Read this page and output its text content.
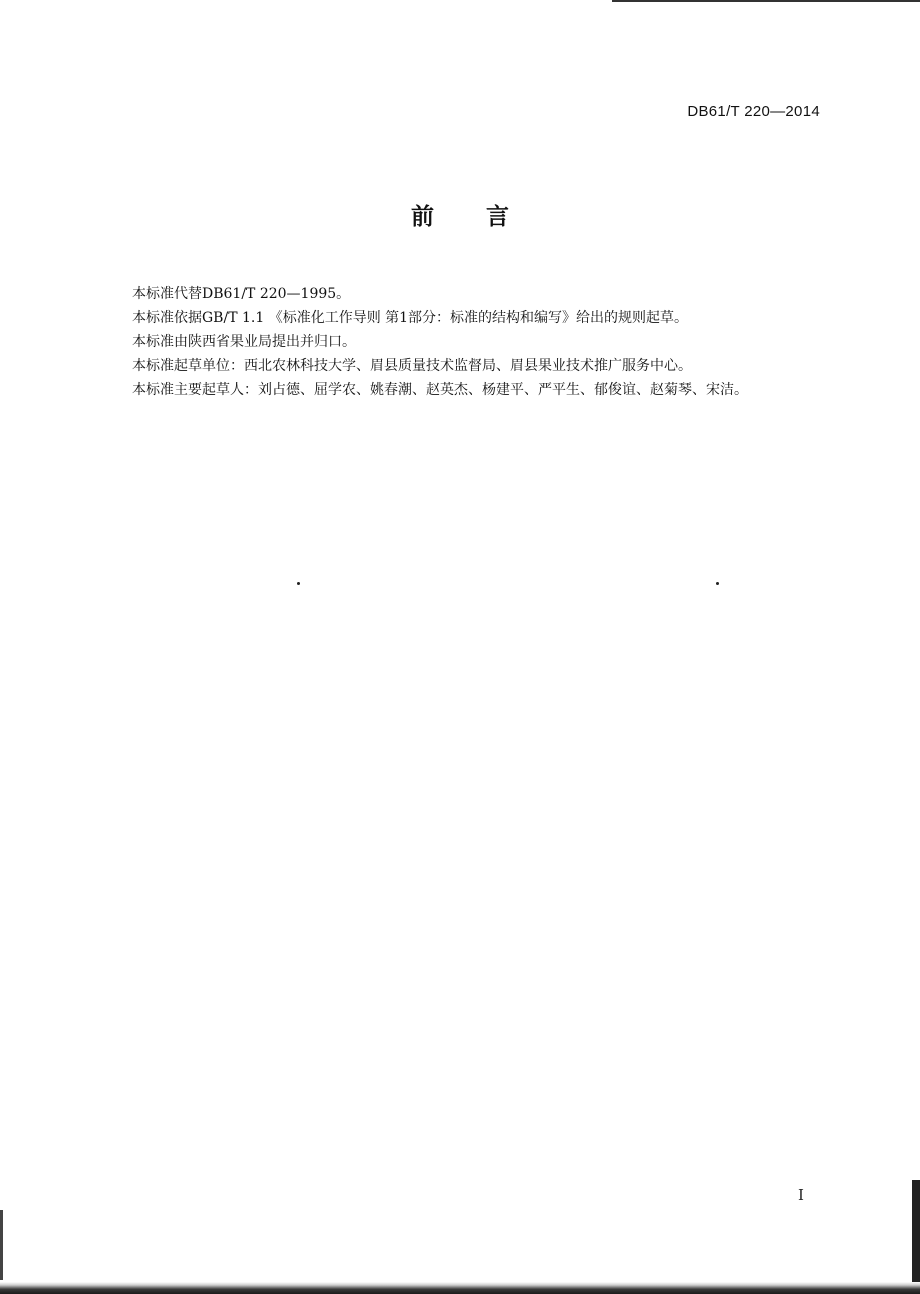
DB61/T 220—2014
前言
本标准代替DB61/T 220—1995。
本标准依据GB/T 1.1 《标准化工作导则 第1部分：标准的结构和编写》给出的规则起草。
本标准由陕西省果业局提出并归口。
本标准起草单位：西北农林科技大学、眉县质量技术监督局、眉县果业技术推广服务中心。
本标准主要起草人：刘占德、屈学农、姚春潮、赵英杰、杨建平、严平生、郁俊谊、赵菊琴、宋洁。
I
